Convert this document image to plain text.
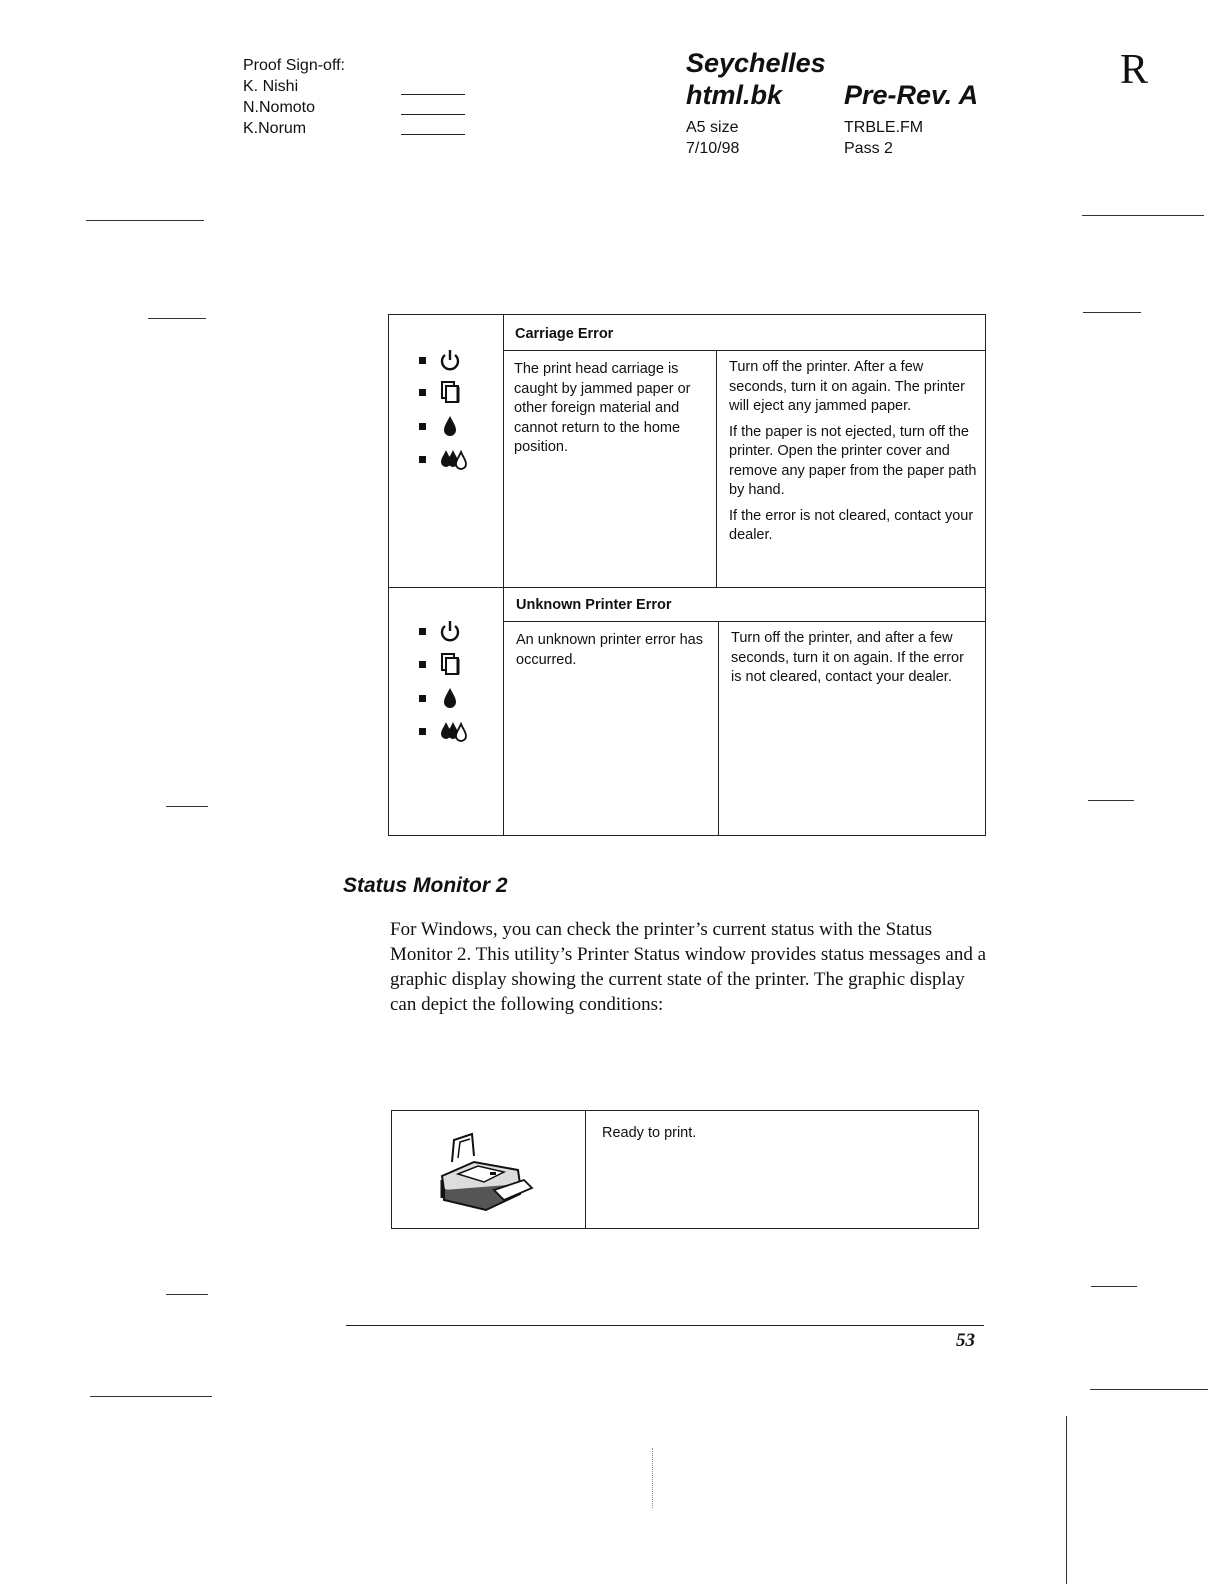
Proof Sign-off:
K. Nishi
N.Nomoto
K.Norum
Seychelles
html.bk Pre-Rev. A
A5 size
7/10/98
TRBLE.FM
Pass 2
R
Carriage Error
The print head carriage is caught by jammed paper or other foreign material and cannot return to the home position.

Turn off the printer. After a few seconds, turn it on again. The printer will eject any jammed paper.

If the paper is not ejected, turn off the printer. Open the printer cover and remove any paper from the paper path by hand.

If the error is not cleared, contact your dealer.

Unknown Printer Error
An unknown printer error has occurred.

Turn off the printer, and after a few seconds, turn it on again. If the error is not cleared, contact your dealer.

Status Monitor 2
For Windows, you can check the printer’s current status with the Status Monitor 2. This utility’s Printer Status window provides status messages and a graphic display showing the current state of the printer. The graphic display can depict the following conditions:
Ready to print.
53
